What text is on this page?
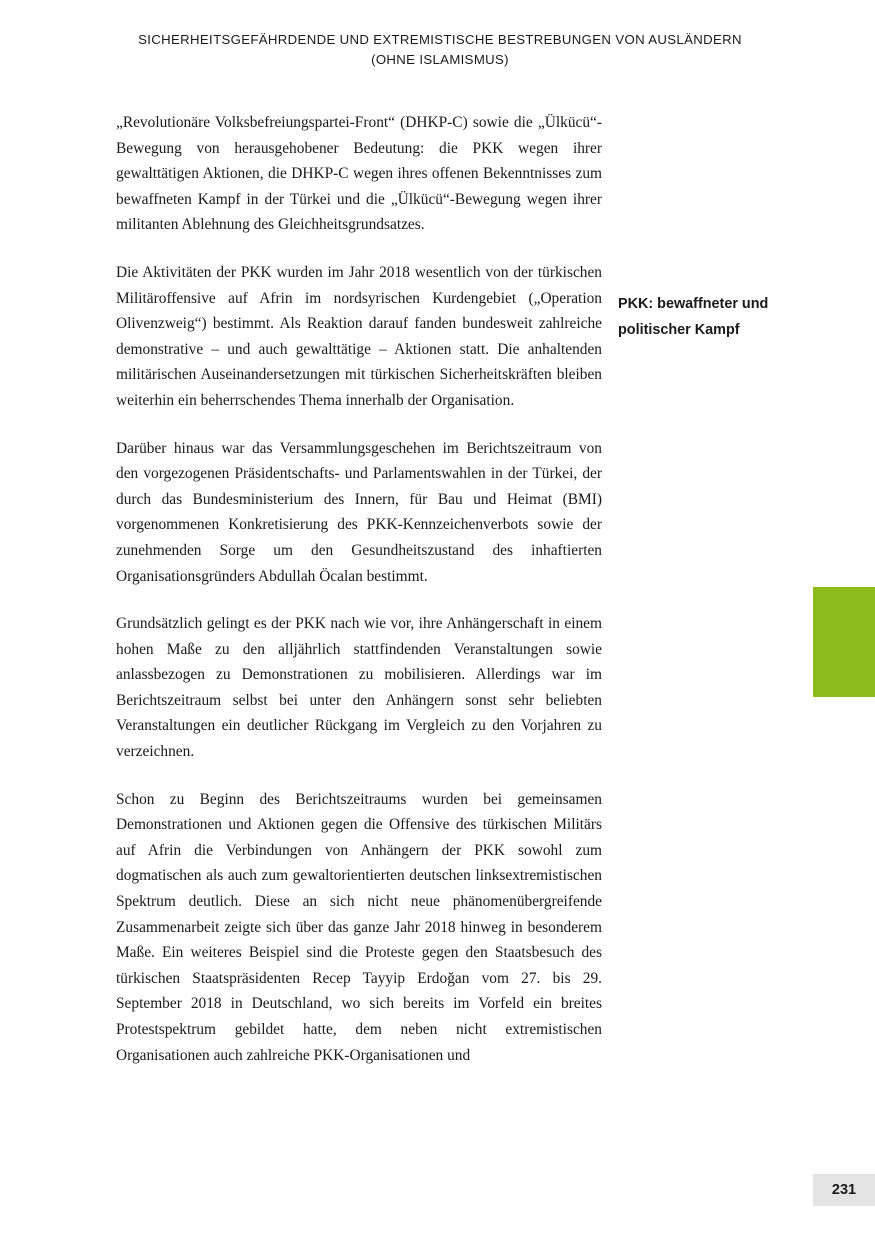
SICHERHEITSGEFÄHRDENDE UND EXTREMISTISCHE BESTREBUNGEN VON AUSLÄNDERN
(OHNE ISLAMISMUS)

„Revolutionäre Volksbefreiungspartei-Front“ (DHKP-C) sowie die „Ülkücü“-Bewegung von herausgehobener Bedeutung: die PKK wegen ihrer gewalttätigen Aktionen, die DHKP-C wegen ihres offenen Bekenntnisses zum bewaffneten Kampf in der Türkei und die „Ülkücü“-Bewegung wegen ihrer militanten Ablehnung des Gleichheitsgrundsatzes.

Die Aktivitäten der PKK wurden im Jahr 2018 wesentlich von der türkischen Militäroffensive auf Afrin im nordsyrischen Kurdengebiet („Operation Olivenzweig“) bestimmt. Als Reaktion darauf fanden bundesweit zahlreiche demonstrative – und auch gewalttätige – Aktionen statt. Die anhaltenden militärischen Auseinandersetzungen mit türkischen Sicherheitskräften bleiben weiterhin ein beherrschendes Thema innerhalb der Organisation.

Darüber hinaus war das Versammlungsgeschehen im Berichtszeitraum von den vorgezogenen Präsidentschafts- und Parlamentswahlen in der Türkei, der durch das Bundesministerium des Innern, für Bau und Heimat (BMI) vorgenommenen Konkretisierung des PKK-Kennzeichenverbots sowie der zunehmenden Sorge um den Gesundheitszustand des inhaftierten Organisationsgründers Abdullah Öcalan bestimmt.

Grundsätzlich gelingt es der PKK nach wie vor, ihre Anhängerschaft in einem hohen Maße zu den alljährlich stattfindenden Veranstaltungen sowie anlassbezogen zu Demonstrationen zu mobilisieren. Allerdings war im Berichtszeitraum selbst bei unter den Anhängern sonst sehr beliebten Veranstaltungen ein deutlicher Rückgang im Vergleich zu den Vorjahren zu verzeichnen.

Schon zu Beginn des Berichtszeitraums wurden bei gemeinsamen Demonstrationen und Aktionen gegen die Offensive des türkischen Militärs auf Afrin die Verbindungen von Anhängern der PKK sowohl zum dogmatischen als auch zum gewaltorientierten deutschen linksextremistischen Spektrum deutlich. Diese an sich nicht neue phänomenübergreifende Zusammenarbeit zeigte sich über das ganze Jahr 2018 hinweg in besonderem Maße. Ein weiteres Beispiel sind die Proteste gegen den Staatsbesuch des türkischen Staatspräsidenten Recep Tayyip Erdoğan vom 27. bis 29. September 2018 in Deutschland, wo sich bereits im Vorfeld ein breites Protestspektrum gebildet hatte, dem neben nicht extremistischen Organisationen auch zahlreiche PKK-Organisationen und

PKK: bewaffneter und politischer Kampf
231
